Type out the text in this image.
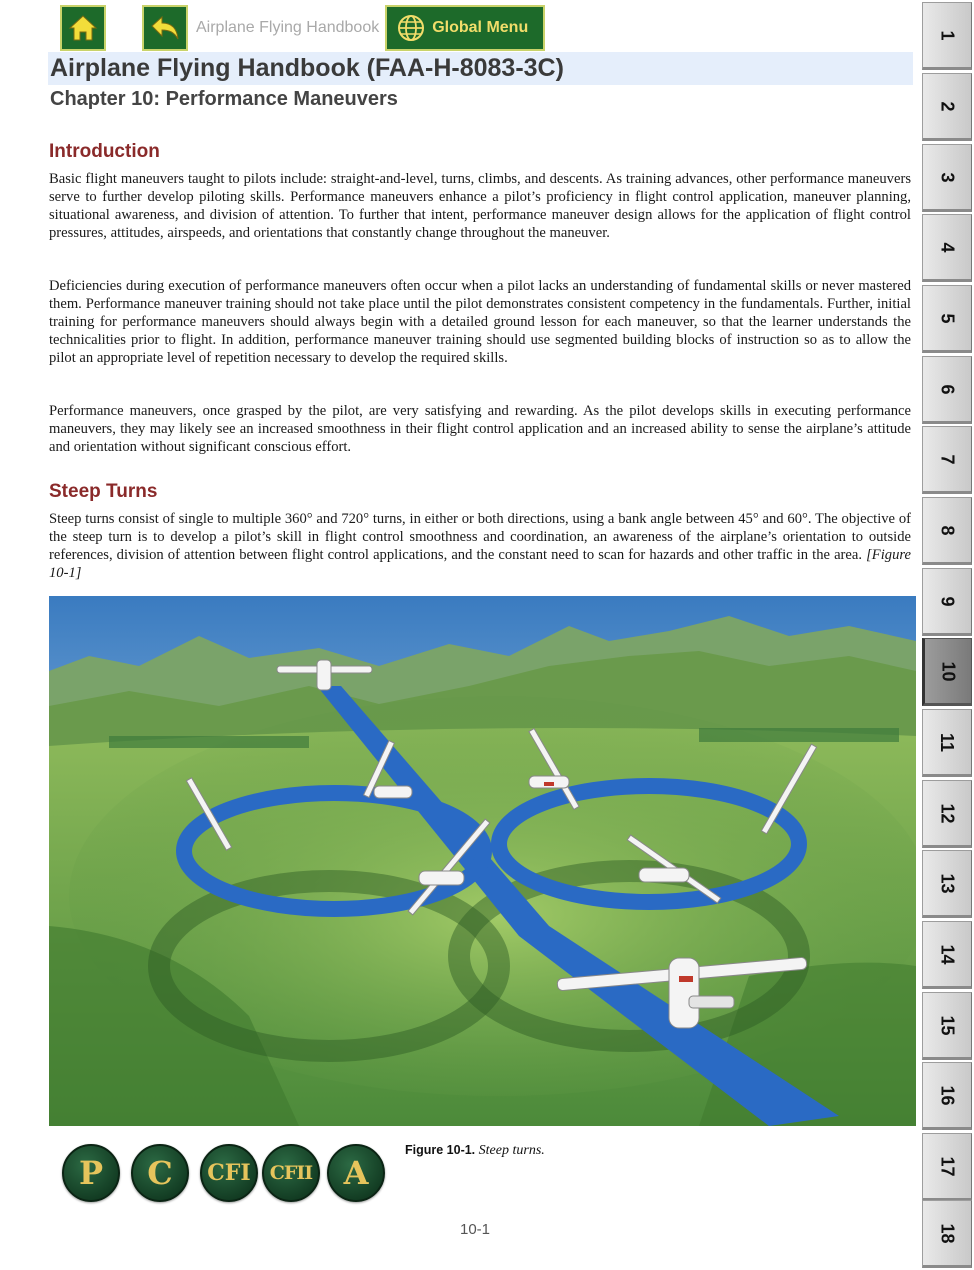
Airplane Flying Handbook	Global Menu
Airplane Flying Handbook (FAA-H-8083-3C)
Chapter 10: Performance Maneuvers
Introduction

Basic flight maneuvers taught to pilots include: straight-and-level, turns, climbs, and descents. As training advances, other performance maneuvers serve to further develop piloting skills. Performance maneuvers enhance a pilot’s proficiency in flight control application, maneuver planning, situational awareness, and division of attention. To further that intent, performance maneuver design allows for the application of flight control pressures, attitudes, airspeeds, and orientations that constantly change throughout the maneuver.

Deficiencies during execution of performance maneuvers often occur when a pilot lacks an understanding of fundamental skills or never mastered them. Performance maneuver training should not take place until the pilot demonstrates consistent competency in the fundamentals. Further, initial training for performance maneuvers should always begin with a detailed ground lesson for each maneuver, so that the learner understands the technicalities prior to flight. In addition, performance maneuver training should use segmented building blocks of instruction so as to allow the pilot an appropriate level of repetition necessary to develop the required skills.

Performance maneuvers, once grasped by the pilot, are very satisfying and rewarding. As the pilot develops skills in executing performance maneuvers, they may likely see an increased smoothness in their flight control application and an increased ability to sense the airplane’s attitude and orientation without significant conscious effort.

Steep Turns

Steep turns consist of single to multiple 360° and 720° turns, in either or both directions, using a bank angle between 45° and 60°. The objective of the steep turn is to develop a pilot’s skill in flight control smoothness and coordination, an awareness of the airplane’s orientation to outside references, division of attention between flight control applications, and the constant need to scan for hazards and other traffic in the area. [Figure 10-1]

P	C	CFI	CFII A
Figure 10-1. Steep turns.
10-1
1
2
3
4
5
6
7
8
9
10
11
12
13
14
15
16
17
18
